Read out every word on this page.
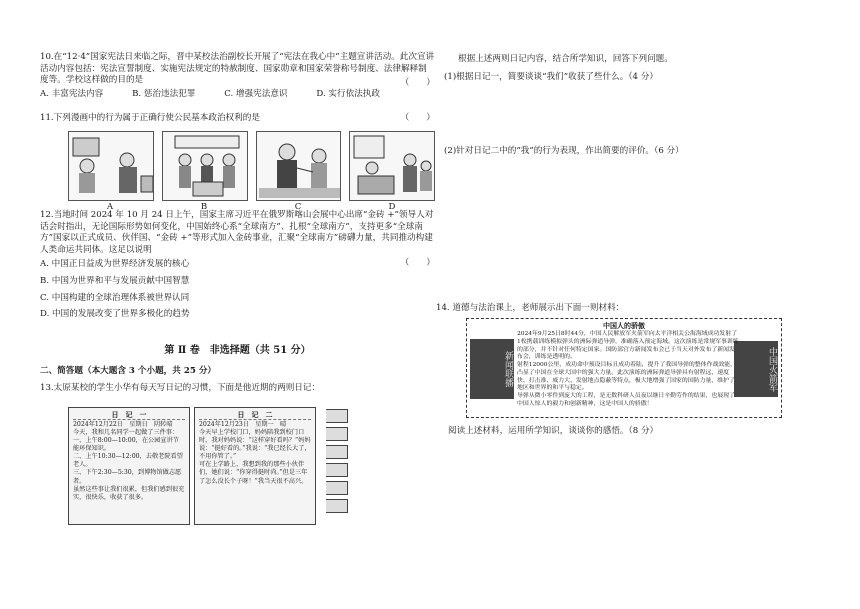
10.在“12·4”国家宪法日来临之际，晋中某校法治副校长开展了“宪法在我心中”主题宣讲活动。此次宣讲活动内容包括：宪法宣誓制度、实施宪法规定的特赦制度、国家勋章和国家荣誉称号制度、法律解释制度等。学校这样做的目的是	（　　）
A. 丰富宪法内容	B. 惩治违法犯罪	C. 增强宪法意识	D. 实行依法执政
11.下列漫画中的行为属于正确行使公民基本政治权利的是	（　　）
A	B	C	D
12.当地时间 2024 年 10 月 24 日上午，国家主席习近平在俄罗斯喀山会展中心出席“金砖 +”领导人对话会时指出，无论国际形势如何变化，中国始终心系“全球南方”、扎根“全球南方”，支持更多“全球南方”国家以正式成员、伙伴国、“金砖 +”等形式加入金砖事业，汇聚“全球南方”磅礴力量，共同推动构建人类命运共同体。这足以说明
（　　）
A. 中国正日益成为世界经济发展的核心
B. 中国为世界和平与发展贡献中国智慧
C. 中国构建的全球治理体系被世界认同
D. 中国的发展改变了世界多极化的趋势
第 Ⅱ 卷　非选择题（共 51 分）
二、简答题（本大题含 3 个小题，共 25 分）
13.太原某校的学生小华有每天写日记的习惯，下面是他近期的两则日记：
日　记　一
2024年12月22日　星期日　阴转晴
今天，我和几名同学一起做了三件事：
一、上午8:00—10:00，在公园宣讲节能环保知识。
二、上午10:30—12:00，去敬老院看望老人。
三、下午2:30—5:30，到博物馆做志愿者。
虽然这些事让我们很累，但我们感到很充实，很快乐，收获了很多。
日　记　二
2024年12月23日　星期一　晴
今天早上学校门口，妈妈陪我到校门口时，我对妈妈说：“这样穿好看吗？”妈妈说：“挺好看的。”我说：“我已经长大了，不用你管了。”
可在上学路上，我想到我的那些小伙伴们，她们说：“你穿得挺时尚。”但是三年了怎么没长个子呀！”我当天很不高兴。
根据上述两则日记内容，结合所学知识，回答下列问题。
(1)根据日记一，简要谈谈“我们”收获了些什么。（4 分）
(2)针对日记二中的“我”的行为表现，作出简要的评价。（6 分）
14. 道德与法治课上，老师展示出下面一则材料：
阅读上述材料，运用所学知识，谈谈你的感悟。（8 分）
中国人的骄傲
新闻联播	中国火箭军
2024年9月25日8时44分，中国人民解放军火箭军向太平洋相关公海海域成功发射了1枚携载训练模拟弹头的洲际弹道导弹，准确落入预定海域。这次演练是常规军事训练的部分，并不针对任何特定国家。国防部官方新闻发布会已于当天对外发布了新闻发布会，训练是透明的。
射程12000公里，成功命中预设目标且成功着陆，提升了我国导弹的整体作战效能，凸显了中国在全球大国中的强大力量。此次演练的洲际弹道导弹具有射程远、速度快、打击准、威力大、发射地点隐蔽等特点，极大地增强了国家的国防力量，维护了地区和世界的和平与稳定。
导弹从微小零件到庞大的工程，是无数科研人员夜以继日辛勤劳作的结果，也展现了中国人惊人的毅力和创新精神，这是中国人的骄傲！
